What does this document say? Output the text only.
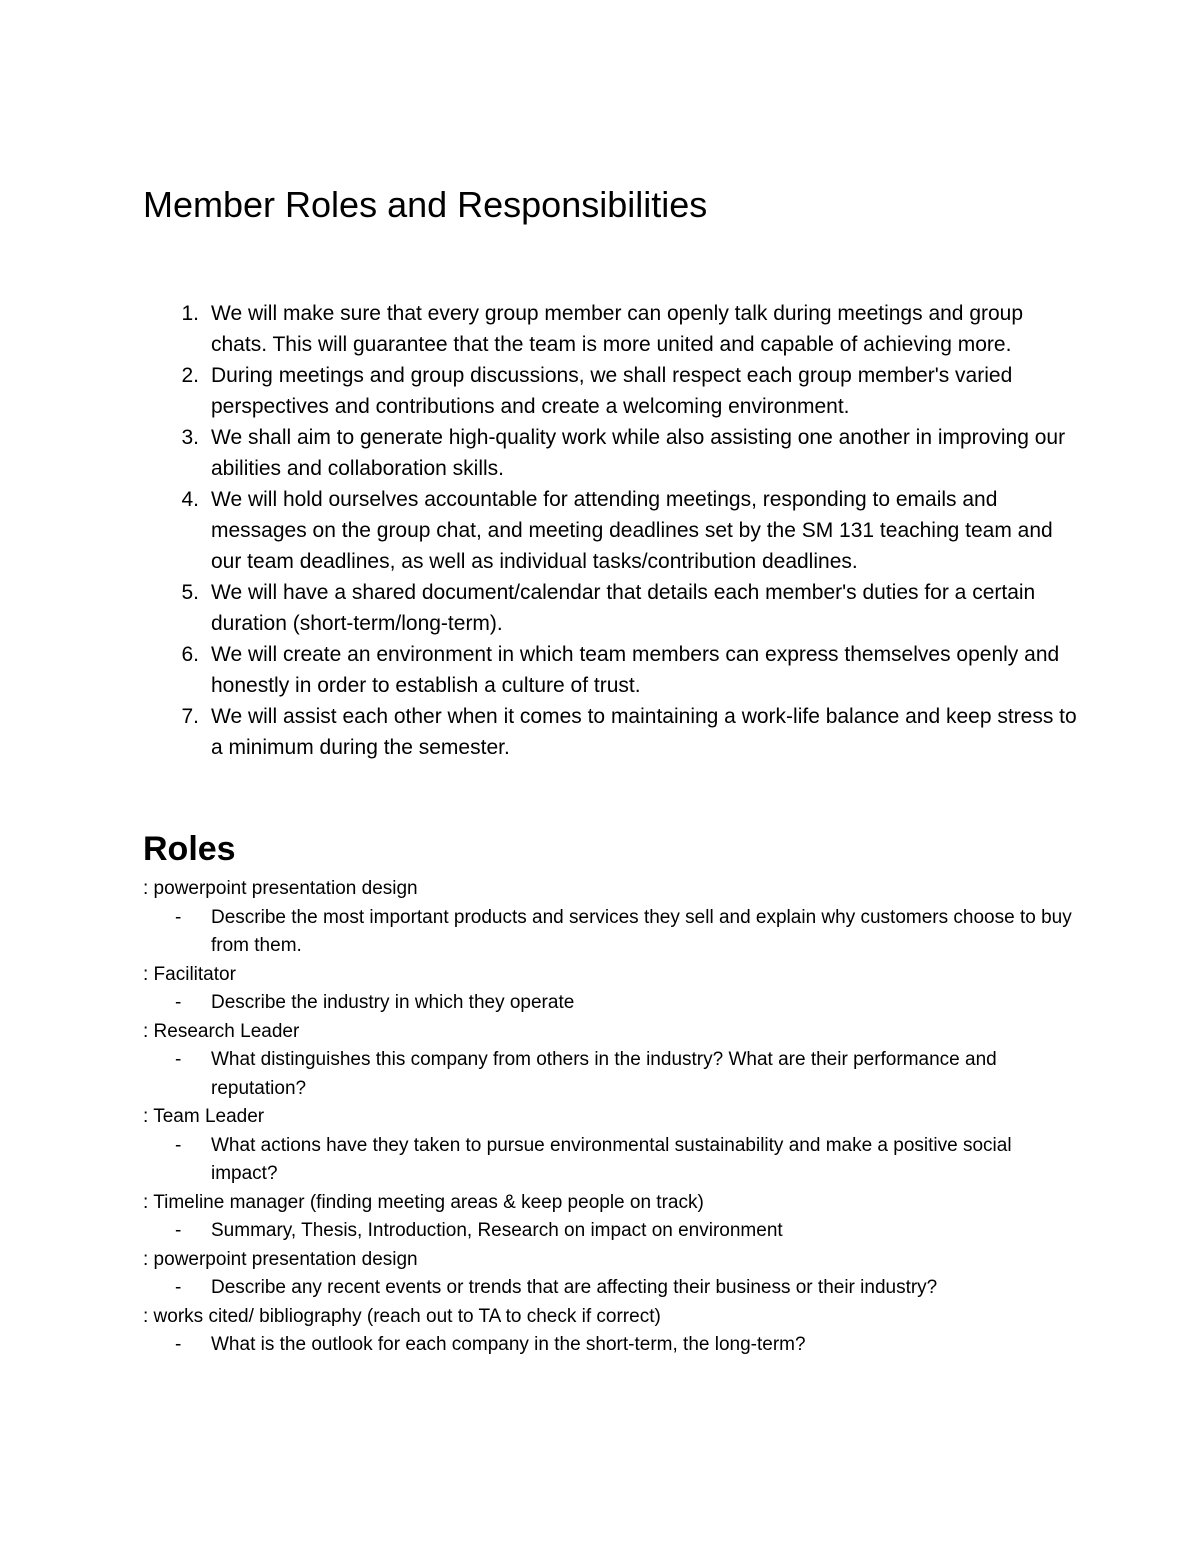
Member Roles and Responsibilities
1. We will make sure that every group member can openly talk during meetings and group chats. This will guarantee that the team is more united and capable of achieving more.
2. During meetings and group discussions, we shall respect each group member's varied perspectives and contributions and create a welcoming environment.
3. We shall aim to generate high-quality work while also assisting one another in improving our abilities and collaboration skills.
4. We will hold ourselves accountable for attending meetings, responding to emails and messages on the group chat, and meeting deadlines set by the SM 131 teaching team and our team deadlines, as well as individual tasks/contribution deadlines.
5. We will have a shared document/calendar that details each member's duties for a certain duration (short-term/long-term).
6. We will create an environment in which team members can express themselves openly and honestly in order to establish a culture of trust.
7. We will assist each other when it comes to maintaining a work-life balance and keep stress to a minimum during the semester.
Roles
: powerpoint presentation design
- Describe the most important products and services they sell and explain why customers choose to buy from them.
: Facilitator
- Describe the industry in which they operate
: Research Leader
- What distinguishes this company from others in the industry? What are their performance and reputation?
: Team Leader
- What actions have they taken to pursue environmental sustainability and make a positive social impact?
: Timeline manager (finding meeting areas & keep people on track)
- Summary, Thesis, Introduction, Research on impact on environment
: powerpoint presentation design
- Describe any recent events or trends that are affecting their business or their industry?
: works cited/ bibliography (reach out to TA to check if correct)
- What is the outlook for each company in the short-term, the long-term?
